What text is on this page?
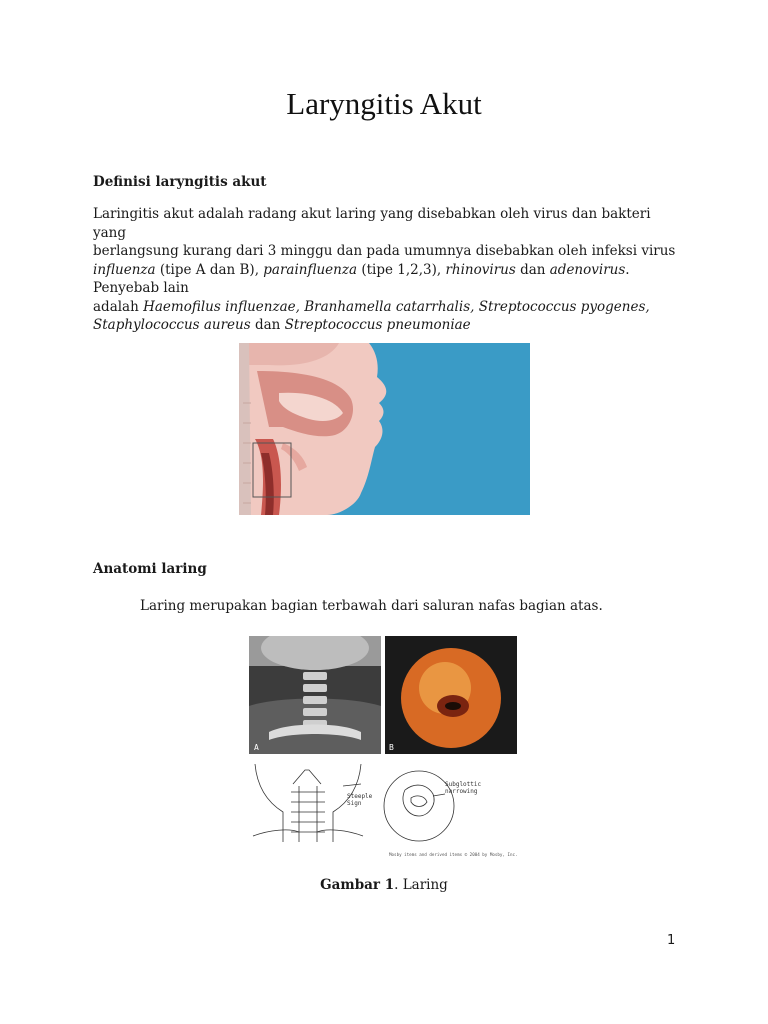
Laryngitis Akut
Definisi laryngitis akut
Laringitis akut adalah radang akut laring yang disebabkan oleh virus dan bakteri yang
berlangsung kurang dari 3 minggu dan pada umumnya disebabkan oleh infeksi virus
influenza (tipe A dan B), parainfluenza (tipe 1,2,3), rhinovirus dan adenovirus. Penyebab lain
adalah Haemofilus influenzae, Branhamella catarrhalis, Streptococcus pyogenes,
Staphylococcus aureus dan Streptococcus pneumoniae
Anatomi laring
Laring merupakan bagian terbawah dari saluran nafas bagian atas.
A	B
Steeple Sign
Subglottic narrowing
Mosby items and derived items © 2004 by Mosby, Inc.
Gambar 1. Laring
1
